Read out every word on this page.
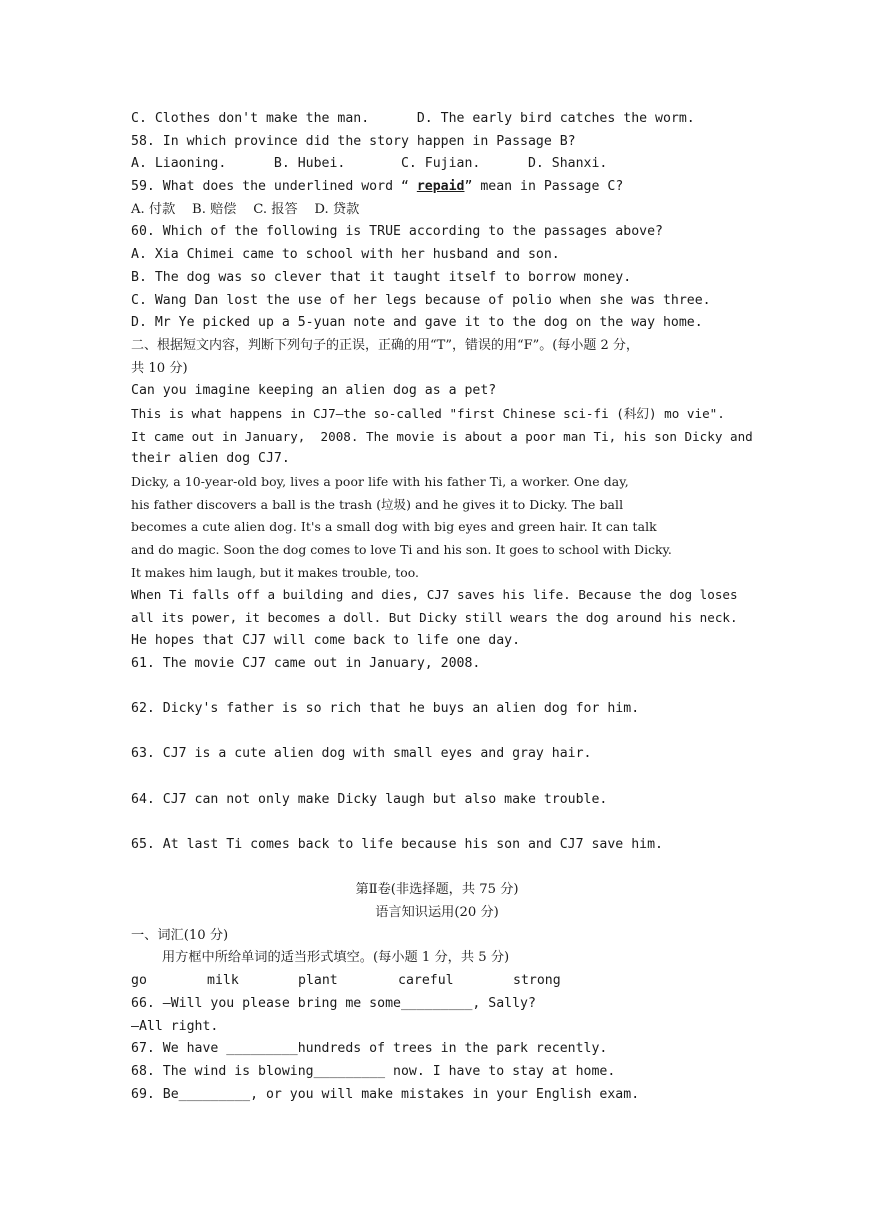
C. Clothes don't make the man.      D. The early bird catches the worm.
58. In which province did the story happen in Passage B?
A. Liaoning.      B. Hubei.       C. Fujian.      D. Shanxi.
59. What does the underlined word “ repaid” mean in Passage C?
A. 付款    B. 赔偿    C. 报答    D. 贷款
60. Which of the following is TRUE according to the passages above?
A. Xia Chimei came to school with her husband and son.
B. The dog was so clever that it taught itself to borrow money.
C. Wang Dan lost the use of her legs because of polio when she was three.
D. Mr Ye picked up a 5-yuan note and gave it to the dog on the way home.
二、根据短文内容，判断下列句子的正误，正确的用“T”，错误的用“F”。(每小题 2 分，
共 10 分)
Can you imagine keeping an alien dog as a pet?
This is what happens in CJ7—the so-called "first Chinese sci-fi (科幻) mo vie".
It came out in January,  2008. The movie is about a poor man Ti, his son Dicky and
their alien dog CJ7.
Dicky, a 10-year-old boy, lives a poor life with his father Ti, a worker. One day,
his father discovers a ball is the trash (垃圾) and he gives it to Dicky. The ball
becomes a cute alien dog. It's a small dog with big eyes and green hair. It can talk
and do magic. Soon the dog comes to love Ti and his son. It goes to school with Dicky.
It makes him laugh, but it makes trouble, too.
When Ti falls off a building and dies, CJ7 saves his life. Because the dog loses
all its power, it becomes a doll. But Dicky still wears the dog around his neck.
He hopes that CJ7 will come back to life one day.
61. The movie CJ7 came out in January, 2008.
62. Dicky's father is so rich that he buys an alien dog for him.
63. CJ7 is a cute alien dog with small eyes and gray hair.
64. CJ7 can not only make Dicky laugh but also make trouble.
65. At last Ti comes back to life because his son and CJ7 save him.
第Ⅱ卷(非选择题，共 75 分)
语言知识运用(20 分)
一、词汇(10 分)
用方框中所给单词的适当形式填空。(每小题 1 分，共 5 分)
go	milk	plant	careful	strong
66. —Will you please bring me some_________, Sally?
—All right.
67. We have _________hundreds of trees in the park recently.
68. The wind is blowing_________ now. I have to stay at home.
69. Be_________, or you will make mistakes in your English exam.
